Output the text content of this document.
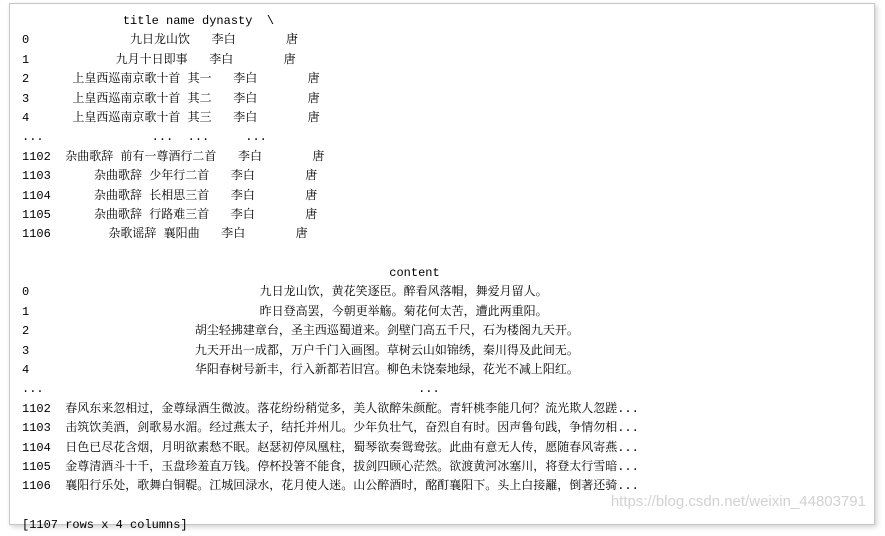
title name dynasty  \
0              九日龙山饮   李白       唐
1            九月十日即事   李白       唐
2      上皇西巡南京歌十首 其一   李白       唐
3      上皇西巡南京歌十首 其二   李白       唐
4      上皇西巡南京歌十首 其三   李白       唐
...               ...  ...     ...
1102  杂曲歌辞 前有一尊酒行二首   李白       唐
1103      杂曲歌辞 少年行二首   李白       唐
1104      杂曲歌辞 长相思三首   李白       唐
1105      杂曲歌辞 行路难三首   李白       唐
1106        杂歌谣辞 襄阳曲   李白       唐
content
0                                九日龙山饮，黄花笑逐臣。醉看风落帽，舞爱月留人。
1                                昨日登高罢，今朝更举觞。菊花何太苦，遭此两重阳。
2                       胡尘轻拂建章台，圣主西巡蜀道来。剑壁门高五千尺，石为楼阁九天开。
3                       九天开出一成都，万户千门入画图。草树云山如锦绣，秦川得及此间无。
4                       华阳春树号新丰，行入新都若旧宫。柳色未饶秦地绿，花光不减上阳红。
...                                                    ...
1102  春风东来忽相过，金尊绿酒生微波。落花纷纷稍觉多，美人欲醉朱颜酡。青轩桃李能几何？流光欺人忽蹉...
1103  击筑饮美酒，剑歌易水湄。经过燕太子，结托并州儿。少年负壮气，奋烈自有时。因声鲁句践，争情勿相...
1104  日色已尽花含烟，月明欲素愁不眠。赵瑟初停凤凰柱，蜀琴欲奏鸳鸯弦。此曲有意无人传，愿随春风寄燕...
1105  金尊清酒斗十千，玉盘珍羞直万钱。停杯投箸不能食，拔剑四顾心茫然。欲渡黄河冰塞川，将登太行雪暗...
1106  襄阳行乐处，歌舞白铜鞮。江城回渌水，花月使人迷。山公醉酒时，酩酊襄阳下。头上白接䍦，倒著还骑...
[1107 rows x 4 columns]
https://blog.csdn.net/weixin_44803791
